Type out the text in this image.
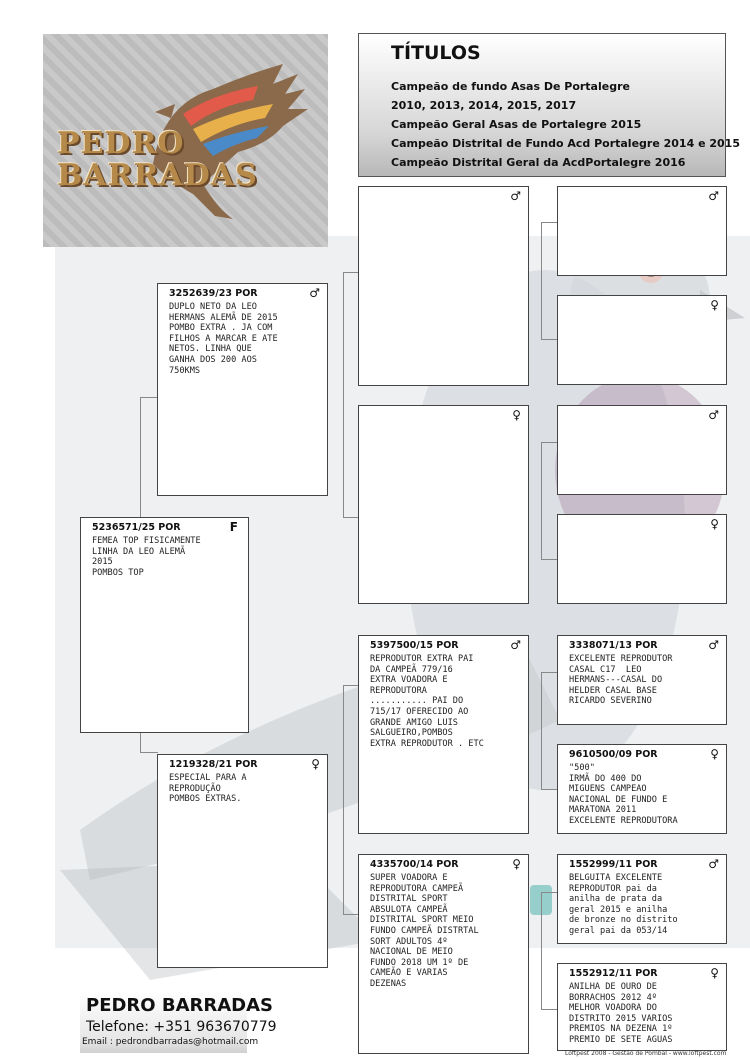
PEDRO
BARRADAS
TÍTULOS
Campeão de fundo Asas De Portalegre
2010, 2013, 2014, 2015, 2017
Campeão Geral Asas de Portalegre 2015
Campeão Distrital de Fundo Acd Portalegre 2014 e 2015
Campeão Distrital Geral da AcdPortalegre 2016
5236571/25 POR	F
FEMEA TOP FISICAMENTE
LINHA DA LEO ALEMÃ
2015
POMBOS TOP
3252639/23 POR	♂
DUPLO NETO DA LEO
HERMANS ALEMÃ DE 2015
POMBO EXTRA . JA COM
FILHOS A MARCAR E ATE
NETOS. LINHA QUE
GANHA DOS 200 AOS
750KMS
1219328/21 POR	♀
ESPECIAL PARA A
REPRODUÇÃO
POMBOS EXTRAS.
♂
♀
5397500/15 POR	♂
REPRODUTOR EXTRA PAI
DA CAMPEÃ 779/16
EXTRA VOADORA E
REPRODUTORA
........... PAI DO
715/17 OFERECIDO AO
GRANDE AMIGO LUIS
SALGUEIRO,POMBOS
EXTRA REPRODUTOR . ETC
4335700/14 POR	♀
SUPER VOADORA E
REPRODUTORA CAMPEÃ
DISTRITAL SPORT
ABSULOTA CAMPEÃ
DISTRITAL SPORT MEIO
FUNDO CAMPEÃ DISTRTAL
SORT ADULTOS 4º
NACIONAL DE MEIO
FUNDO 2018 UM 1º DE
CAMEÃO E VARIAS
DEZENAS
♂
♀
♂
♀
3338071/13 POR	♂
EXCELENTE REPRODUTOR
CASAL C17  LEO
HERMANS---CASAL DO
HELDER CASAL BASE
RICARDO SEVERINO
9610500/09 POR	♀
"500"
IRMÃ DO 400 DO
MIGUENS CAMPEAO
NACIONAL DE FUNDO E
MARATONA 2011
EXCELENTE REPRODUTORA
1552999/11 POR	♂
BELGUITA EXCELENTE
REPRODUTOR pai da
anilha de prata da
geral 2015 e anilha
de bronze no distrito
geral pai da 053/14
1552912/11 POR	♀
ANILHA DE OURO DE
BORRACHOS 2012 4º
MELHOR VOADORA DO
DISTRITO 2015 VARIOS
PREMIOS NA DEZENA 1º
PREMIO DE SETE AGUAS
PEDRO BARRADAS
Telefone: +351 963670779
Email : pedrondbarradas@hotmail.com
Loftpest 2008 - Gestão de Pombal - www.loftpest.com
